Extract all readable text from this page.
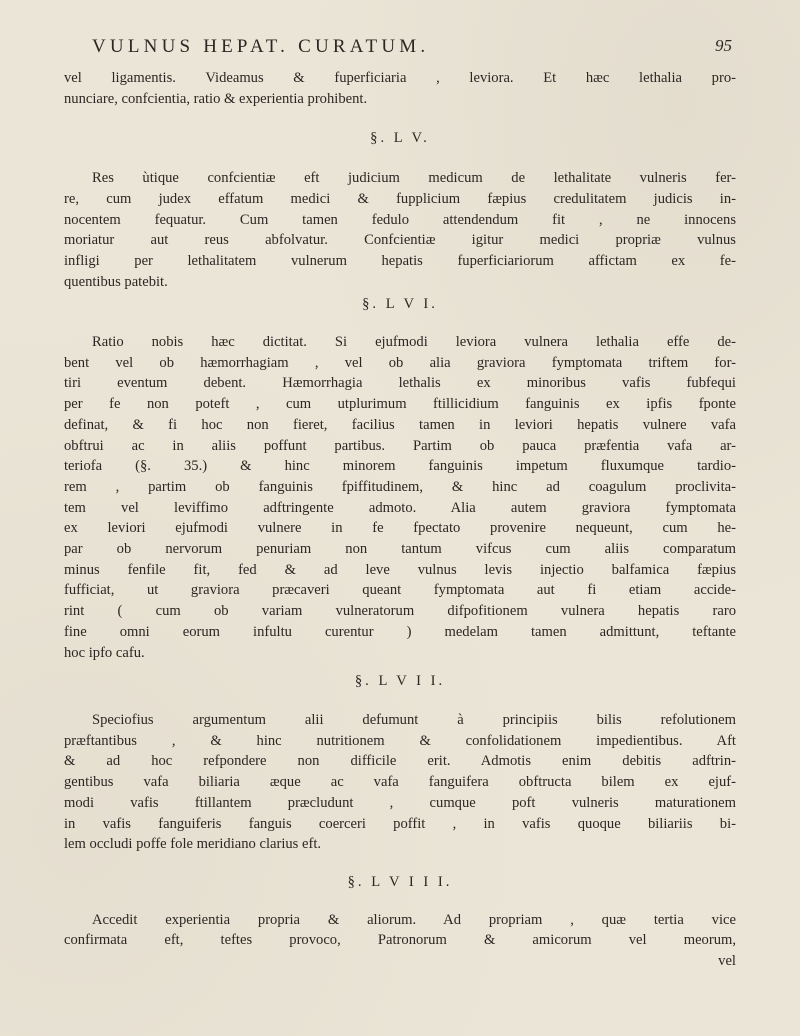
VULNUS HEPAT. CURATUM.	95
vel ligamentis. Videamus & fuperficiaria , leviora. Et hæc lethalia pro-
nunciare, confcientia, ratio & experientia prohibent.
§. L V.
Res ùtique confcientiæ eft judicium medicum de lethalitate vulneris fer-
re, cum judex effatum medici & fupplicium fæpius credulitatem judicis in-
nocentem fequatur. Cum tamen fedulo attendendum fit , ne innocens
moriatur aut reus abfolvatur. Confcientiæ igitur medici propriæ vulnus
infligi per lethalitatem vulnerum hepatis fuperficiariorum affictam ex fe-
quentibus patebit.
§. L V I.
Ratio nobis hæc dictitat. Si ejufmodi leviora vulnera lethalia effe de-
bent vel ob hæmorrhagiam , vel ob alia graviora fymptomata triftem for-
tiri eventum debent. Hæmorrhagia lethalis ex minoribus vafis fubfequi
per fe non poteft , cum utplurimum ftillicidium fanguinis ex ipfis fponte
definat, & fi hoc non fieret, facilius tamen in leviori hepatis vulnere vafa
obftrui ac in aliis poffunt partibus. Partim ob pauca præfentia vafa ar-
teriofa (§. 35.) & hinc minorem fanguinis impetum fluxumque tardio-
rem , partim ob fanguinis fpiffitudinem, & hinc ad coagulum proclivita-
tem vel leviffimo adftringente admoto. Alia autem graviora fymptomata
ex leviori ejufmodi vulnere in fe fpectato provenire nequeunt, cum he-
par ob nervorum penuriam non tantum vifcus cum aliis comparatum
minus fenfile fit, fed & ad leve vulnus levis injectio balfamica fæpius
fufficiat, ut graviora præcaveri queant fymptomata aut fi etiam accide-
rint ( cum ob variam vulneratorum difpofitionem vulnera hepatis raro
fine omni eorum infultu curentur ) medelam tamen admittunt, teftante
hoc ipfo cafu.
§. L V I I.
Speciofius argumentum alii defumunt à principiis bilis refolutionem
præftantibus , & hinc nutritionem & confolidationem impedientibus. Aft
& ad hoc refpondere non difficile erit. Admotis enim debitis adftrin-
gentibus vafa biliaria æque ac vafa fanguifera obftructa bilem ex ejuf-
modi vafis ftillantem præcludunt , cumque poft vulneris maturationem
in vafis fanguiferis fanguis coerceri poffit , in vafis quoque biliariis bi-
lem occludi poffe fole meridiano clarius eft.
§. L V I I I.
Accedit experientia propria & aliorum. Ad propriam , quæ tertia vice
confirmata eft, teftes provoco, Patronorum & amicorum vel meorum,
vel
